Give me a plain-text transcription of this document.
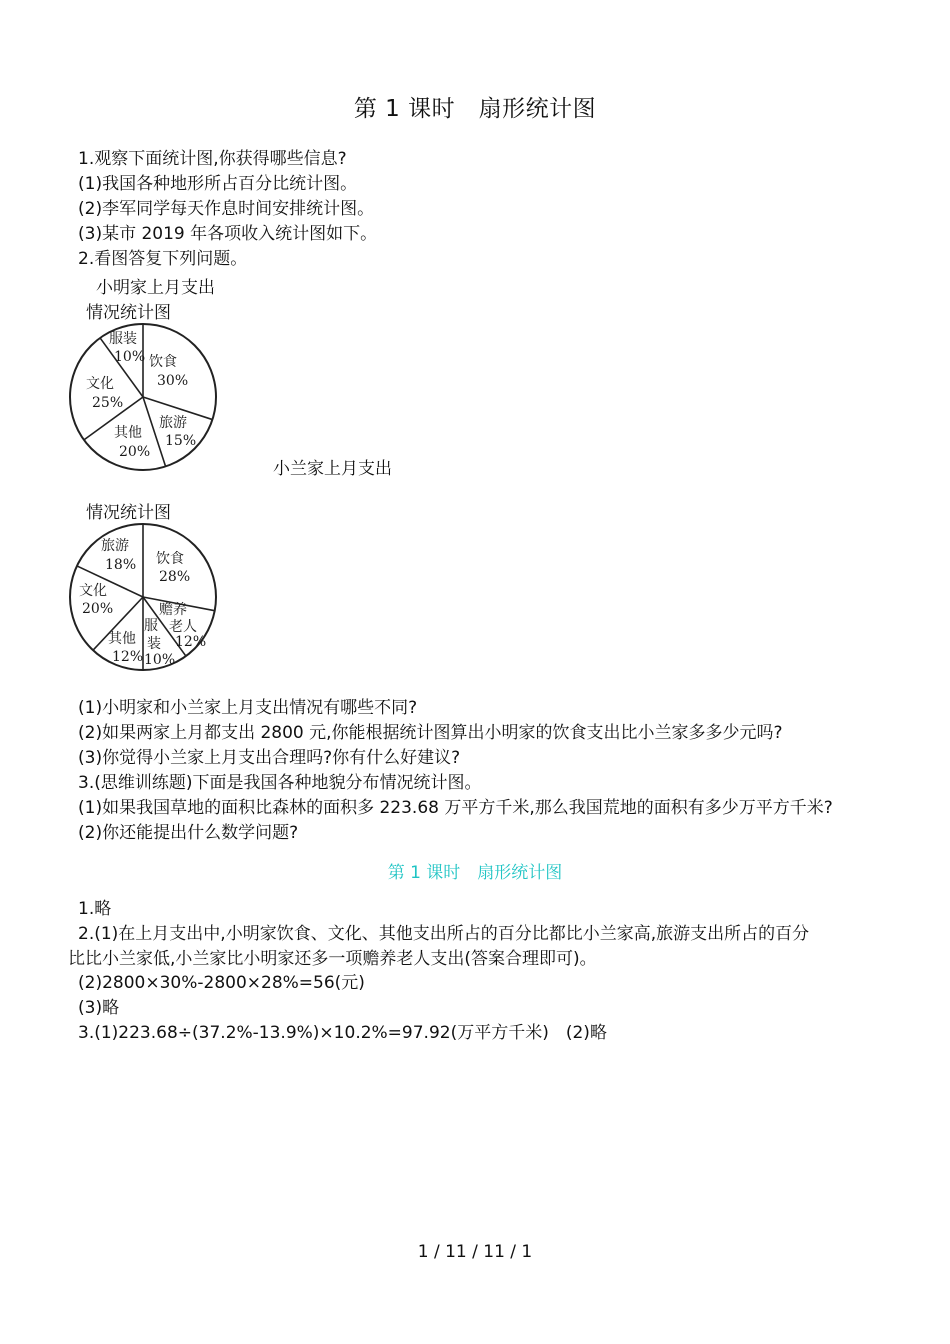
第 1 课时　扇形统计图
1.观察下面统计图,你获得哪些信息?
(1)我国各种地形所占百分比统计图。
(2)李军同学每天作息时间安排统计图。
(3)某市 2019 年各项收入统计图如下。
2.看图答复下列问题。
小明家上月支出
情况统计图
饮食
30%
旅游
15%
其他
20%
文化
25%
服装
10%
小兰家上月支出
情况统计图
饮食
28%
旅游
18%
文化
20%
其他
12%
服
装
10%
赡养
老人
12%
(1)小明家和小兰家上月支出情况有哪些不同?
(2)如果两家上月都支出 2800 元,你能根据统计图算出小明家的饮食支出比小兰家多多少元吗?
(3)你觉得小兰家上月支出合理吗?你有什么好建议?
3.(思维训练题)下面是我国各种地貌分布情况统计图。
(1)如果我国草地的面积比森林的面积多 223.68 万平方千米,那么我国荒地的面积有多少万平方千米?
(2)你还能提出什么数学问题?
第 1 课时　扇形统计图
1.略
2.(1)在上月支出中,小明家饮食、文化、其他支出所占的百分比都比小兰家高,旅游支出所占的百分
比比小兰家低,小兰家比小明家还多一项赡养老人支出(答案合理即可)。
(2)2800×30%-2800×28%=56(元)
(3)略
3.(1)223.68÷(37.2%-13.9%)×10.2%=97.92(万平方千米)　(2)略
1 / 11 / 11 / 1
